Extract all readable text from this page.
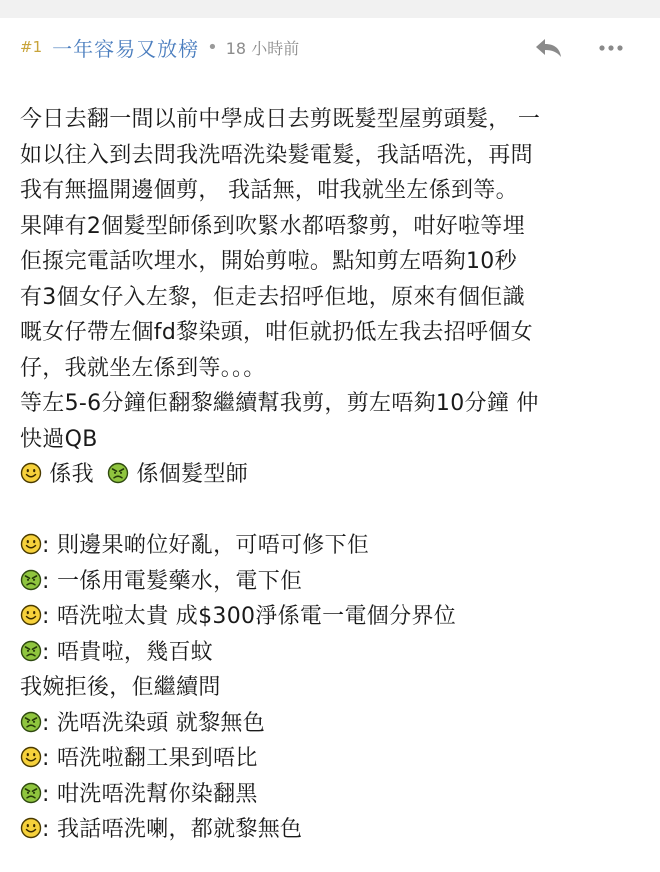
#1 一年容易又放榜 • 18 小時前
今日去翻一間以前中學成日去剪既髮型屋剪頭髮， 一
如以往入到去問我洗唔洗染髮電髮，我話唔洗，再問
我有無搵開邊個剪， 我話無，咁我就坐左係到等。
果陣有2個髮型師係到吹緊水都唔黎剪，咁好啦等埋
佢揼完電話吹埋水，開始剪啦。點知剪左唔夠10秒
有3個女仔入左黎，佢走去招呼佢地，原來有個佢識
嘅女仔帶左個fd黎染頭，咁佢就扔低左我去招呼個女
仔，我就坐左係到等。。。
等左5-6分鐘佢翻黎繼續幫我剪，剪左唔夠10分鐘 仲
快過QB
係我 係個髮型師
: 則邊果啲位好亂，可唔可修下佢
: 一係用電髮藥水，電下佢
: 唔洗啦太貴 成$300淨係電一電個分界位
: 唔貴啦，幾百蚊
我婉拒後，佢繼續問
: 洗唔洗染頭 就黎無色
: 唔洗啦翻工果到唔比
: 咁洗唔洗幫你染翻黑
: 我話唔洗喇，都就黎無色
